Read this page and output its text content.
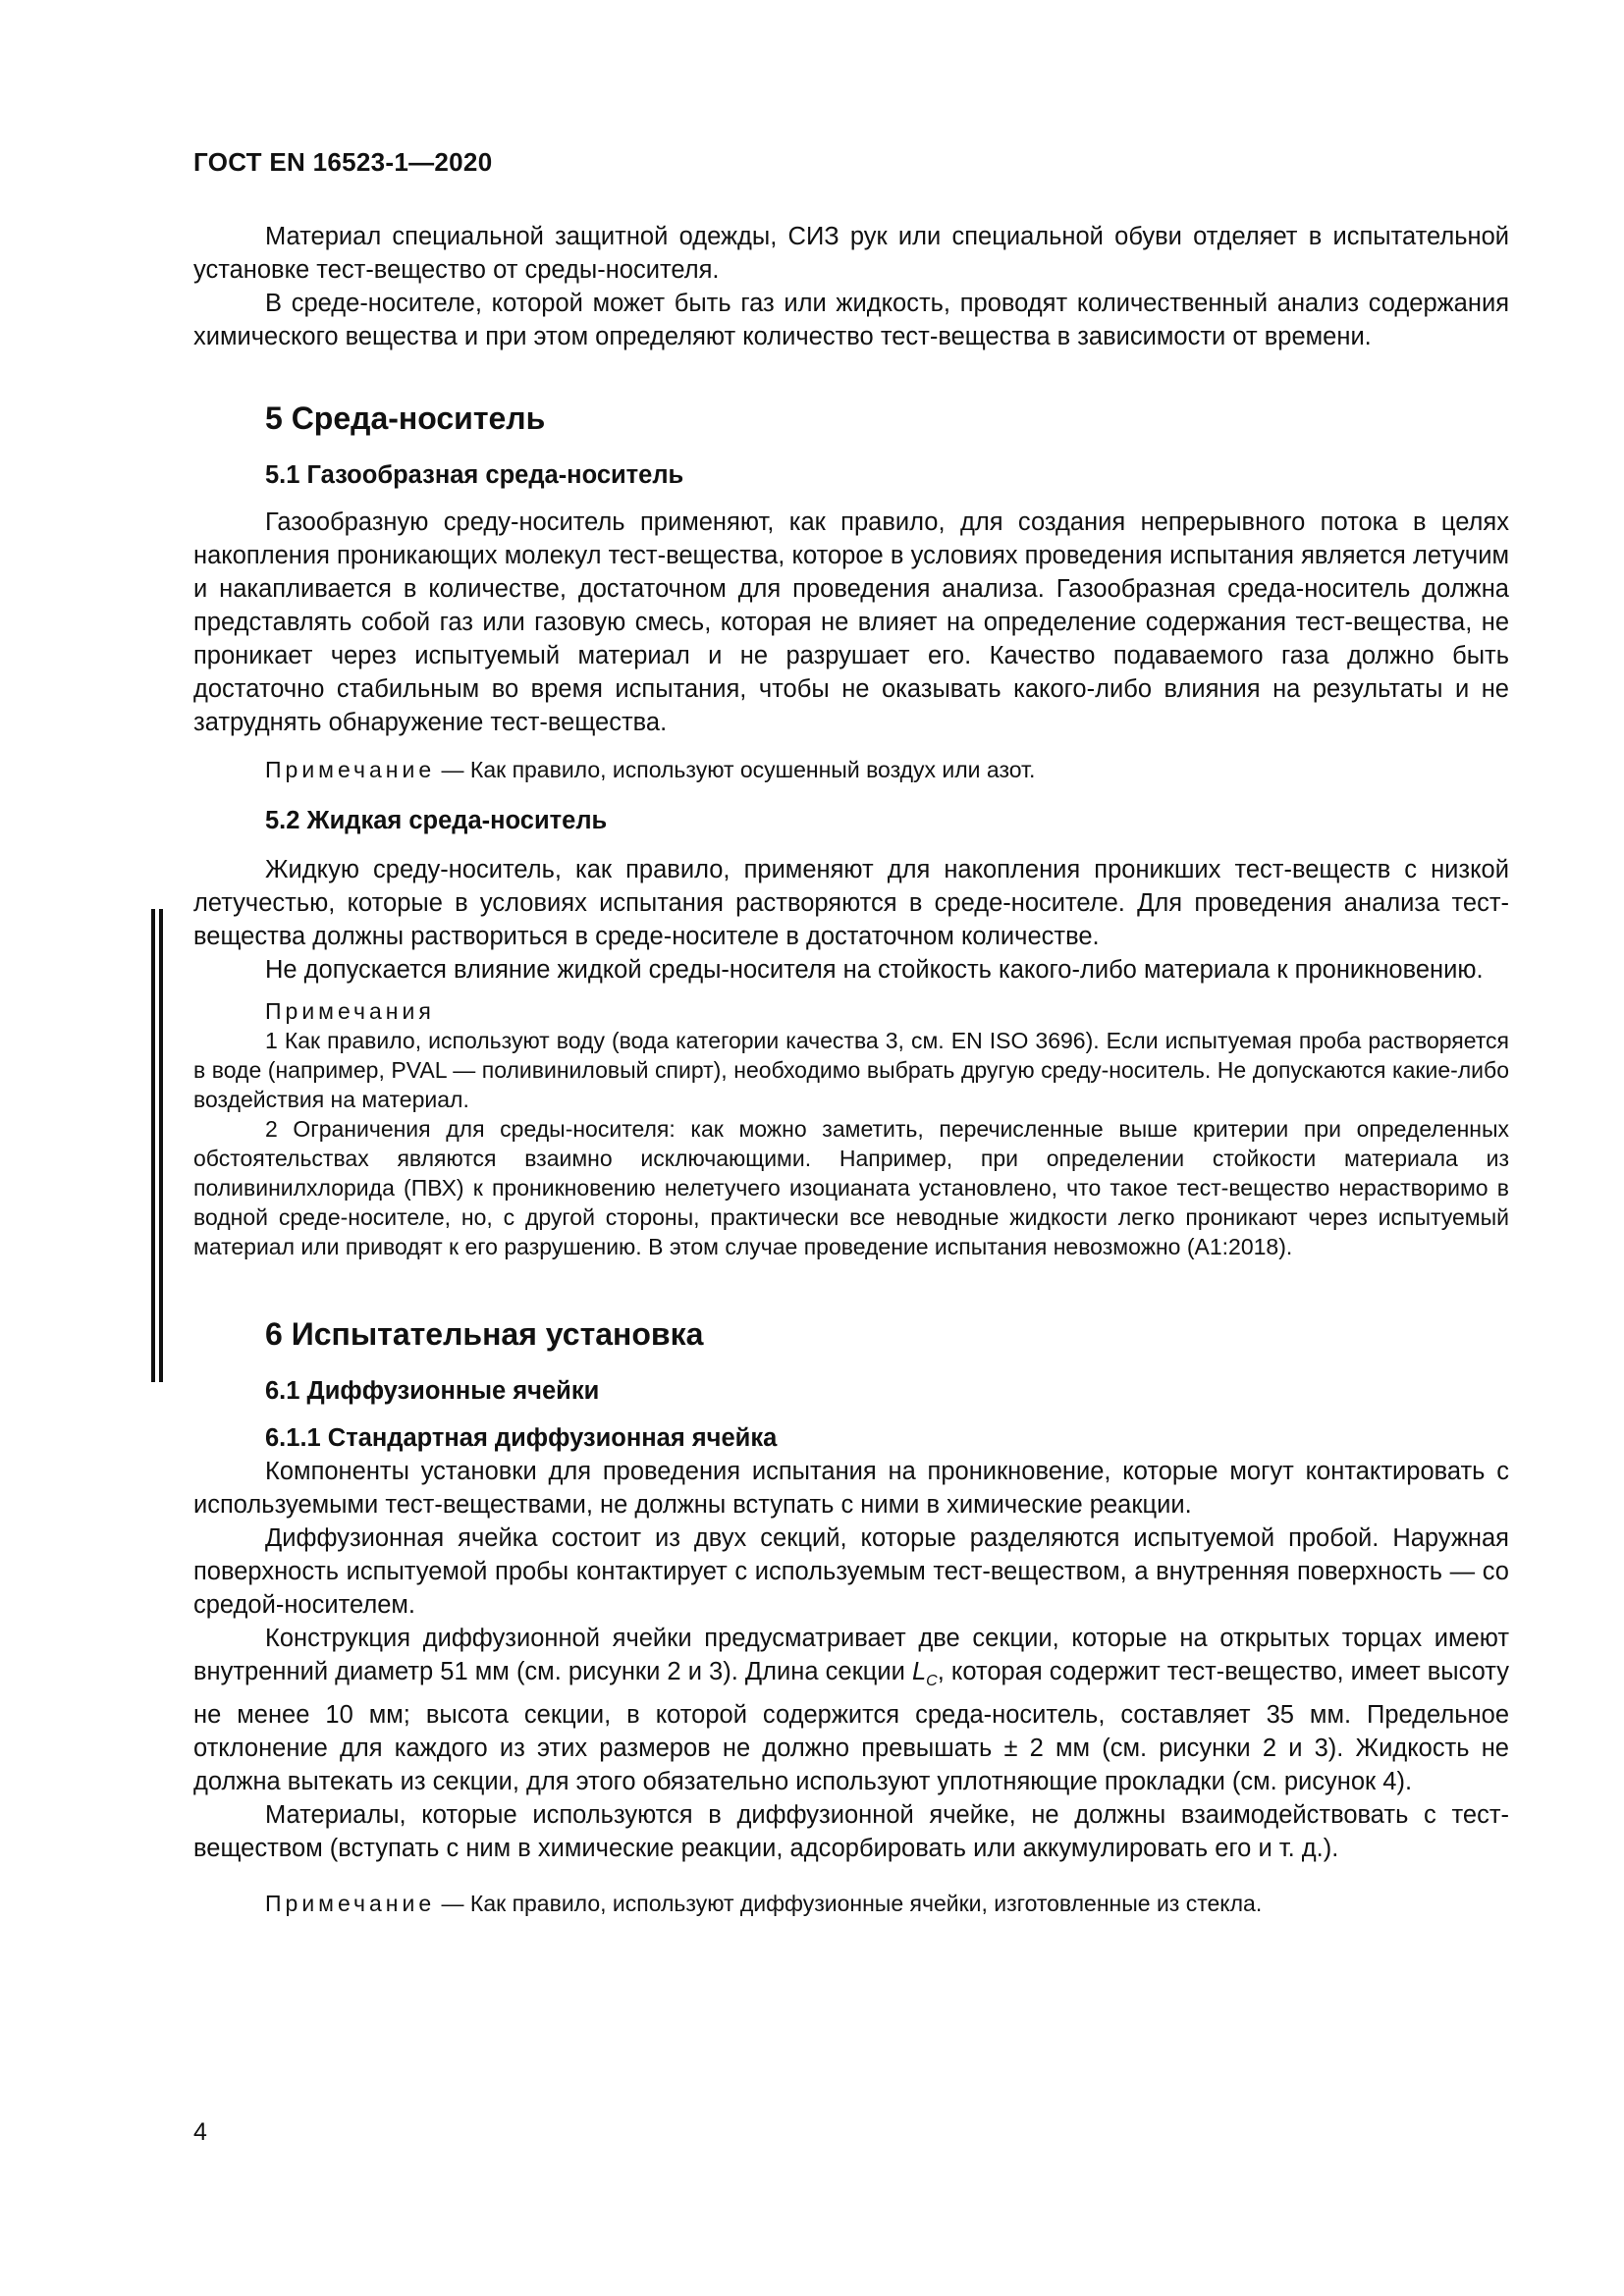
ГОСТ EN 16523-1—2020

Материал специальной защитной одежды, СИЗ рук или специальной обуви отделяет в испытательной установке тест-вещество от среды-носителя.

В среде-носителе, которой может быть газ или жидкость, проводят количественный анализ содержания химического вещества и при этом определяют количество тест-вещества в зависимости от времени.

5 Среда-носитель
5.1 Газообразная среда-носитель

Газообразную среду-носитель применяют, как правило, для создания непрерывного потока в целях накопления проникающих молекул тест-вещества, которое в условиях проведения испытания является летучим и накапливается в количестве, достаточном для проведения анализа. Газообразная среда-носитель должна представлять собой газ или газовую смесь, которая не влияет на определение содержания тест-вещества, не проникает через испытуемый материал и не разрушает его. Качество подаваемого газа должно быть достаточно стабильным во время испытания, чтобы не оказывать какого-либо влияния на результаты и не затруднять обнаружение тест-вещества.

Примечание — Как правило, используют осушенный воздух или азот.
5.2 Жидкая среда-носитель

Жидкую среду-носитель, как правило, применяют для накопления проникших тест-веществ с низкой летучестью, которые в условиях испытания растворяются в среде-носителе. Для проведения анализа тест-вещества должны раствориться в среде-носителе в достаточном количестве.

Не допускается влияние жидкой среды-носителя на стойкость какого-либо материала к проникновению.

Примечания

1 Как правило, используют воду (вода категории качества 3, см. EN ISO 3696). Если испытуемая проба растворяется в воде (например, PVAL — поливиниловый спирт), необходимо выбрать другую среду-носитель. Не допускаются какие-либо воздействия на материал.

2 Ограничения для среды-носителя: как можно заметить, перечисленные выше критерии при определенных обстоятельствах являются взаимно исключающими. Например, при определении стойкости материала из поливинилхлорида (ПВХ) к проникновению нелетучего изоцианата установлено, что такое тест-вещество нерастворимо в водной среде-носителе, но, с другой стороны, практически все неводные жидкости легко проникают через испытуемый материал или приводят к его разрушению. В этом случае проведение испытания невозможно (А1:2018).

6 Испытательная установка
6.1 Диффузионные ячейки
6.1.1 Стандартная диффузионная ячейка

Компоненты установки для проведения испытания на проникновение, которые могут контактировать с используемыми тест-веществами, не должны вступать с ними в химические реакции.

Диффузионная ячейка состоит из двух секций, которые разделяются испытуемой пробой. Наружная поверхность испытуемой пробы контактирует с используемым тест-веществом, а внутренняя поверхность — со средой-носителем.

Конструкция диффузионной ячейки предусматривает две секции, которые на открытых торцах имеют внутренний диаметр 51 мм (см. рисунки 2 и 3). Длина секции $L_C$, которая содержит тест-вещество, имеет высоту не менее 10 мм; высота секции, в которой содержится среда-носитель, составляет 35 мм. Предельное отклонение для каждого из этих размеров не должно превышать ± 2 мм (см. рисунки 2 и 3). Жидкость не должна вытекать из секции, для этого обязательно используют уплотняющие прокладки (см. рисунок 4).

Материалы, которые используются в диффузионной ячейке, не должны взаимодействовать с тест-веществом (вступать с ним в химические реакции, адсорбировать или аккумулировать его и т. д.).

Примечание — Как правило, используют диффузионные ячейки, изготовленные из стекла.
4
